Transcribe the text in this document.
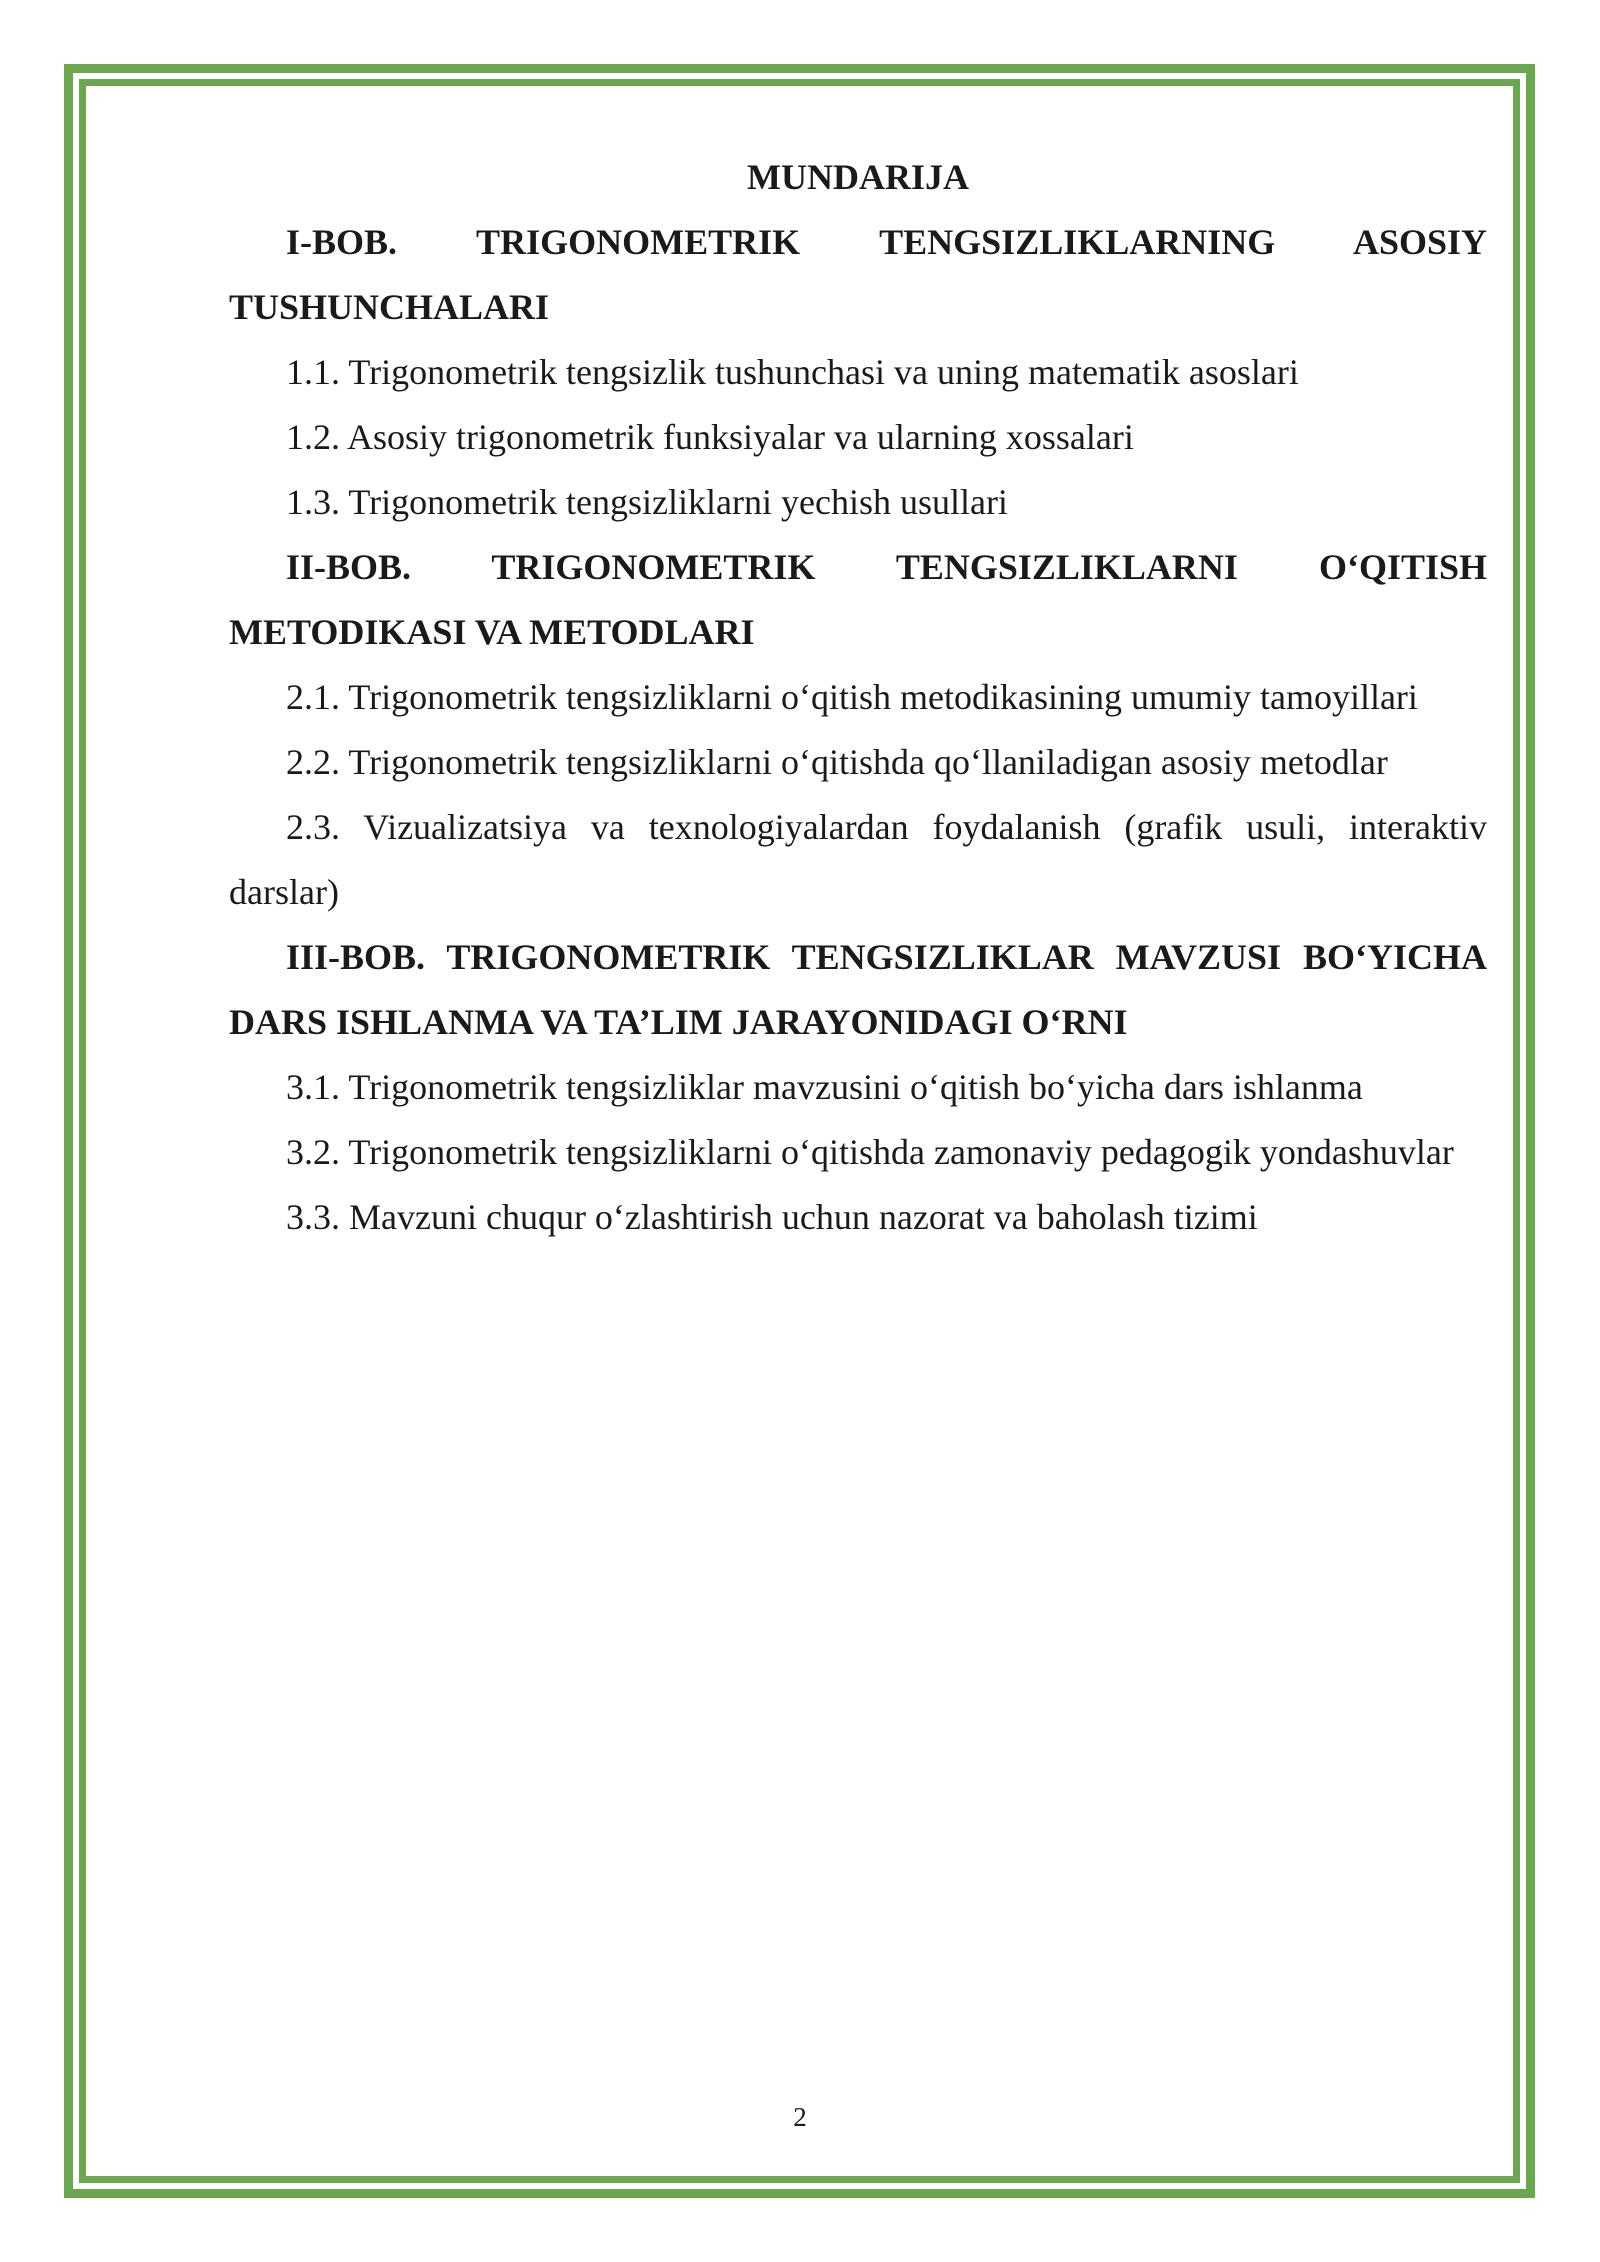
MUNDARIJA

I-BOB. TRIGONOMETRIK TENGSIZLIKLARNING ASOSIY TUSHUNCHALARI

1.1. Trigonometrik tengsizlik tushunchasi va uning matematik asoslari

1.2. Asosiy trigonometrik funksiyalar va ularning xossalari

1.3. Trigonometrik tengsizliklarni yechish usullari

II-BOB. TRIGONOMETRIK TENGSIZLIKLARNI O‘QITISH METODIKASI VA METODLARI

2.1. Trigonometrik tengsizliklarni o‘qitish metodikasining umumiy tamoyillari

2.2. Trigonometrik tengsizliklarni o‘qitishda qo‘llaniladigan asosiy metodlar

2.3. Vizualizatsiya va texnologiyalardan foydalanish (grafik usuli, interaktiv darslar)

III-BOB. TRIGONOMETRIK TENGSIZLIKLAR MAVZUSI BO‘YICHA DARS ISHLANMA VA TA’LIM JARAYONIDAGI O‘RNI

3.1. Trigonometrik tengsizliklar mavzusini o‘qitish bo‘yicha dars ishlanma

3.2. Trigonometrik tengsizliklarni o‘qitishda zamonaviy pedagogik yondashuvlar

3.3. Mavzuni chuqur o‘zlashtirish uchun nazorat va baholash tizimi

2
